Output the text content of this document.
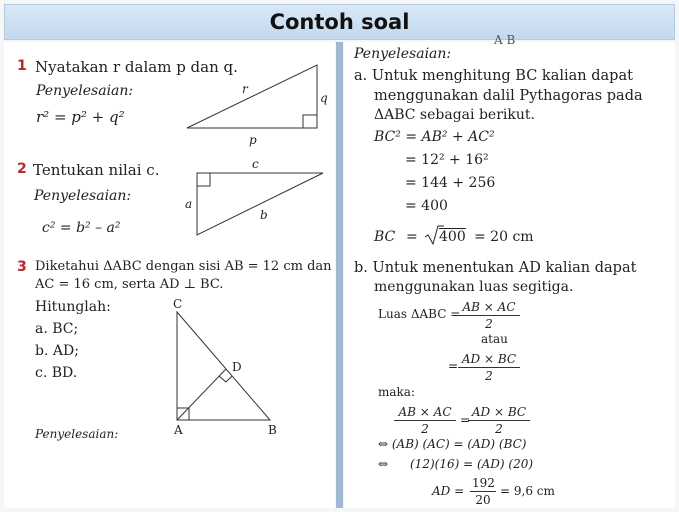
Contoh soal
1 Nyatakan r dalam p dan q.
Penyelesaian:
r² = p² + q²
r
q
p
c
a
b
C
D
A	B
2 Tentukan nilai c.
Penyelesaian:
c² = b² – a²
3 Diketahui ΔABC dengan sisi AB = 12 cm dan
AC = 16 cm, serta AD ⊥ BC.
Hitunglah:
a. BC;
b. AD;
c. BD.
Penyelesaian:
A B
Penyelesaian:
a. Untuk menghitung BC kalian dapat
menggunakan dalil Pythagoras pada
ΔABC sebagai berikut.
BC² = AB² + AC²
= 12² + 16²
= 144 + 256
= 400
BC = 400 = 20 cm
b. Untuk menentukan AD kalian dapat
menggunakan luas segitiga.
Luas ΔABC =
$\frac{AB \times AC}{2}$
atau
= $\frac{AD \times BC}{2}$
maka:
$\frac{AB \times AC}{2}$ =
$\frac{AD \times BC}{2}$
⇔ (AB) (AC) = (AD) (BC)
⇔ (12)(16) = (AD) (20)
AD = $\frac{192}{20} = 9,6$ cm
